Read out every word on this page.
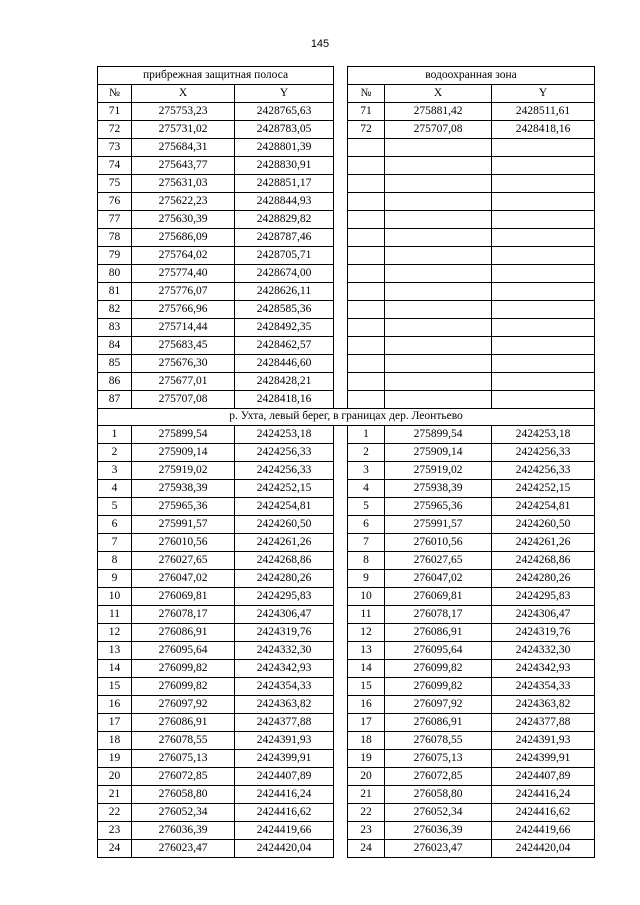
145
прибрежная защитная полоса				водоохранная зона		
№	X	Y		№	X	Y
71	275753,23	2428765,63		71	275881,42	2428511,61
72	275731,02	2428783,05		72	275707,08	2428418,16
73	275684,31	2428801,39				
74	275643,77	2428830,91				
75	275631,03	2428851,17				
76	275622,23	2428844,93				
77	275630,39	2428829,82				
78	275686,09	2428787,46				
79	275764,02	2428705,71				
80	275774,40	2428674,00				
81	275776,07	2428626,11				
82	275766,96	2428585,36				
83	275714,44	2428492,35				
84	275683,45	2428462,57				
85	275676,30	2428446,60				
86	275677,01	2428428,21				
87	275707,08	2428418,16				
р. Ухта, левый берег, в границах дер. Леонтьево						
1	275899,54	2424253,18		1	275899,54	2424253,18
2	275909,14	2424256,33		2	275909,14	2424256,33
3	275919,02	2424256,33		3	275919,02	2424256,33
4	275938,39	2424252,15		4	275938,39	2424252,15
5	275965,36	2424254,81		5	275965,36	2424254,81
6	275991,57	2424260,50		6	275991,57	2424260,50
7	276010,56	2424261,26		7	276010,56	2424261,26
8	276027,65	2424268,86		8	276027,65	2424268,86
9	276047,02	2424280,26		9	276047,02	2424280,26
10	276069,81	2424295,83		10	276069,81	2424295,83
11	276078,17	2424306,47		11	276078,17	2424306,47
12	276086,91	2424319,76		12	276086,91	2424319,76
13	276095,64	2424332,30		13	276095,64	2424332,30
14	276099,82	2424342,93		14	276099,82	2424342,93
15	276099,82	2424354,33		15	276099,82	2424354,33
16	276097,92	2424363,82		16	276097,92	2424363,82
17	276086,91	2424377,88		17	276086,91	2424377,88
18	276078,55	2424391,93		18	276078,55	2424391,93
19	276075,13	2424399,91		19	276075,13	2424399,91
20	276072,85	2424407,89		20	276072,85	2424407,89
21	276058,80	2424416,24		21	276058,80	2424416,24
22	276052,34	2424416,62		22	276052,34	2424416,62
23	276036,39	2424419,66		23	276036,39	2424419,66
24	276023,47	2424420,04		24	276023,47	2424420,04
